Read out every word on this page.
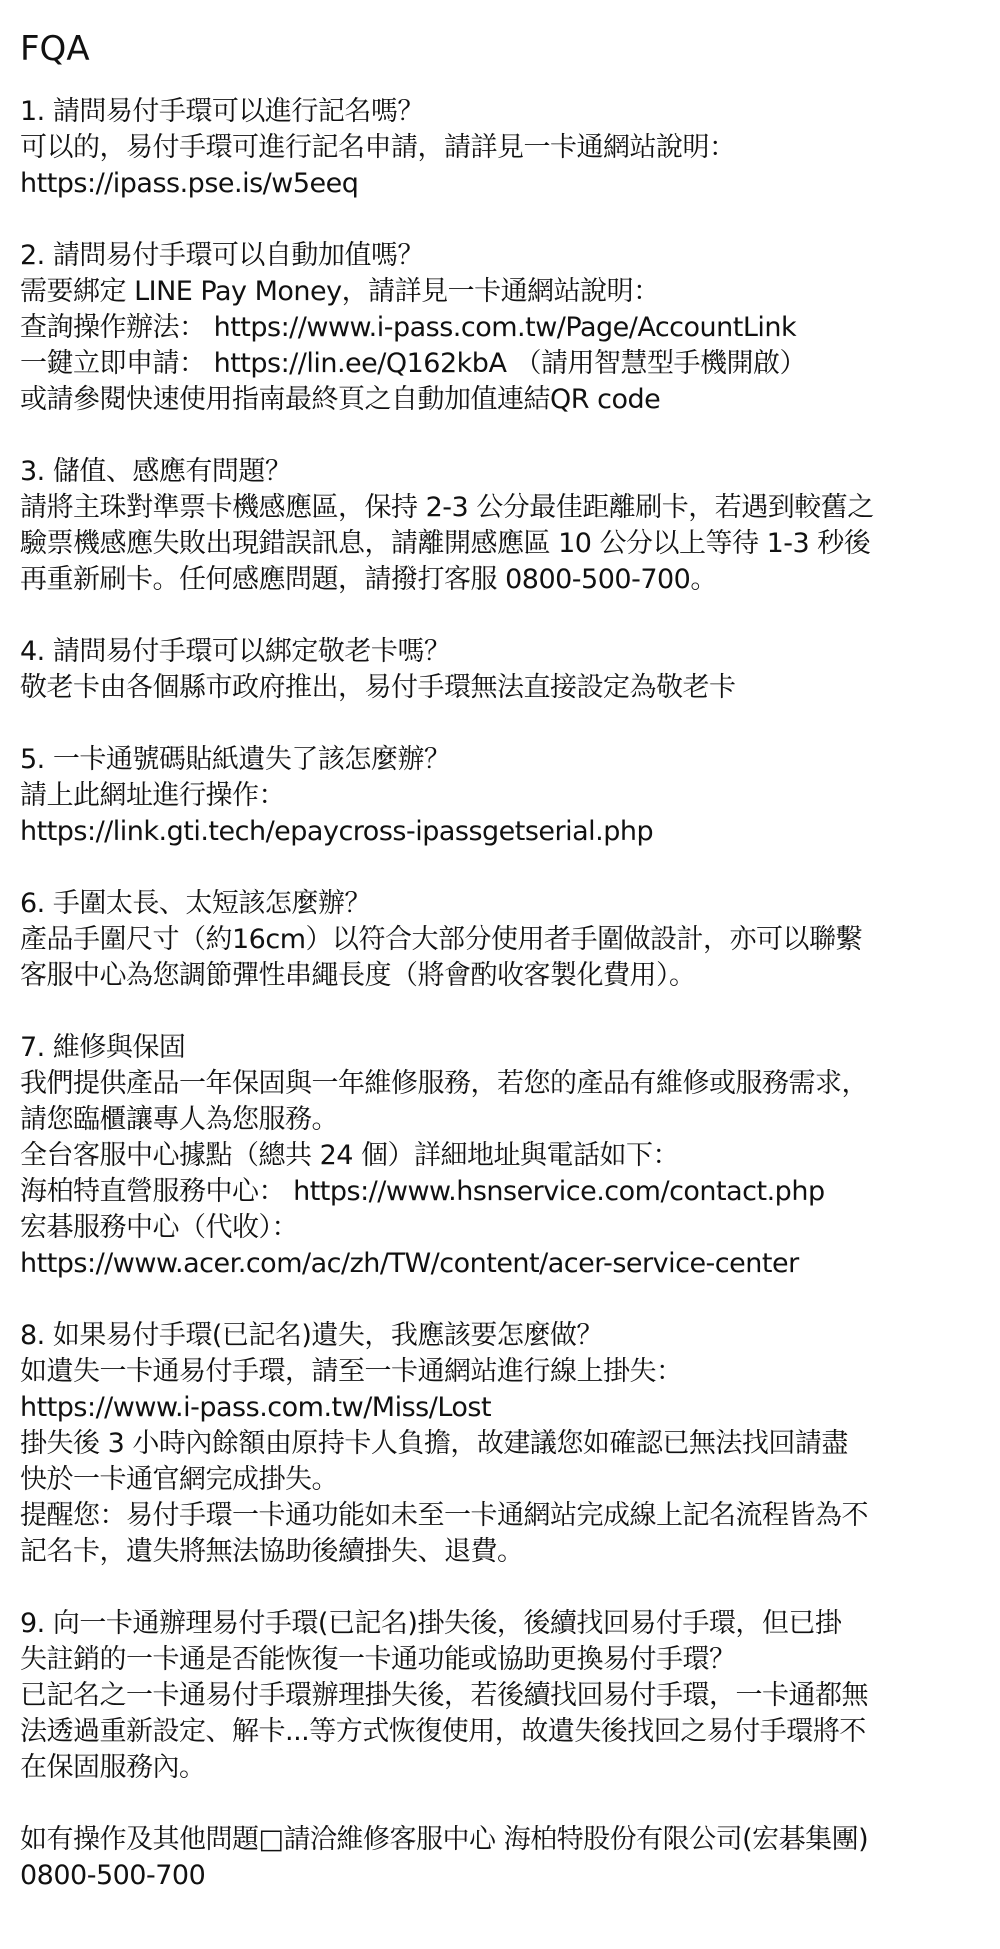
FQA
1. 請問易付手環可以進行記名嗎？
可以的，易付手環可進行記名申請，請詳見一卡通網站說明：
https://ipass.pse.is/w5eeq
2. 請問易付手環可以自動加值嗎？
需要綁定 LINE Pay Money，請詳見一卡通網站說明：
查詢操作辦法： https://www.i-pass.com.tw/Page/AccountLink
一鍵立即申請： https://lin.ee/Q162kbA （請用智慧型手機開啟）
或請參閱快速使用指南最終頁之自動加值連結QR code
3. 儲值、感應有問題？
請將主珠對準票卡機感應區，保持 2-3 公分最佳距離刷卡，若遇到較舊之
驗票機感應失敗出現錯誤訊息，請離開感應區 10 公分以上等待 1-3 秒後
再重新刷卡。任何感應問題，請撥打客服 0800-500-700。
4. 請問易付手環可以綁定敬老卡嗎？
敬老卡由各個縣市政府推出，易付手環無法直接設定為敬老卡
5. 一卡通號碼貼紙遺失了該怎麼辦？
請上此網址進行操作：
https://link.gti.tech/epaycross-ipassgetserial.php
6. 手圍太長、太短該怎麼辦？
產品手圍尺寸（約16cm）以符合大部分使用者手圍做設計，亦可以聯繫
客服中心為您調節彈性串繩長度（將會酌收客製化費用）。
7. 維修與保固
我們提供產品一年保固與一年維修服務，若您的產品有維修或服務需求，
請您臨櫃讓專人為您服務。
全台客服中心據點（總共 24 個）詳細地址與電話如下：
海柏特直營服務中心： https://www.hsnservice.com/contact.php
宏碁服務中心（代收）：
https://www.acer.com/ac/zh/TW/content/acer-service-center
8. 如果易付手環(已記名)遺失，我應該要怎麼做？
如遺失一卡通易付手環，請至一卡通網站進行線上掛失：
https://www.i-pass.com.tw/Miss/Lost
掛失後 3 小時內餘額由原持卡人負擔，故建議您如確認已無法找回請盡
快於一卡通官網完成掛失。
提醒您：易付手環一卡通功能如未至一卡通網站完成線上記名流程皆為不
記名卡，遺失將無法協助後續掛失、退費。
9. 向一卡通辦理易付手環(已記名)掛失後，後續找回易付手環，但已掛
失註銷的一卡通是否能恢復一卡通功能或協助更換易付手環？
已記名之一卡通易付手環辦理掛失後，若後續找回易付手環，一卡通都無
法透過重新設定、解卡...等方式恢復使用，故遺失後找回之易付手環將不
在保固服務內。
如有操作及其他問題□請洽維修客服中心 海柏特股份有限公司(宏碁集團)
0800-500-700
